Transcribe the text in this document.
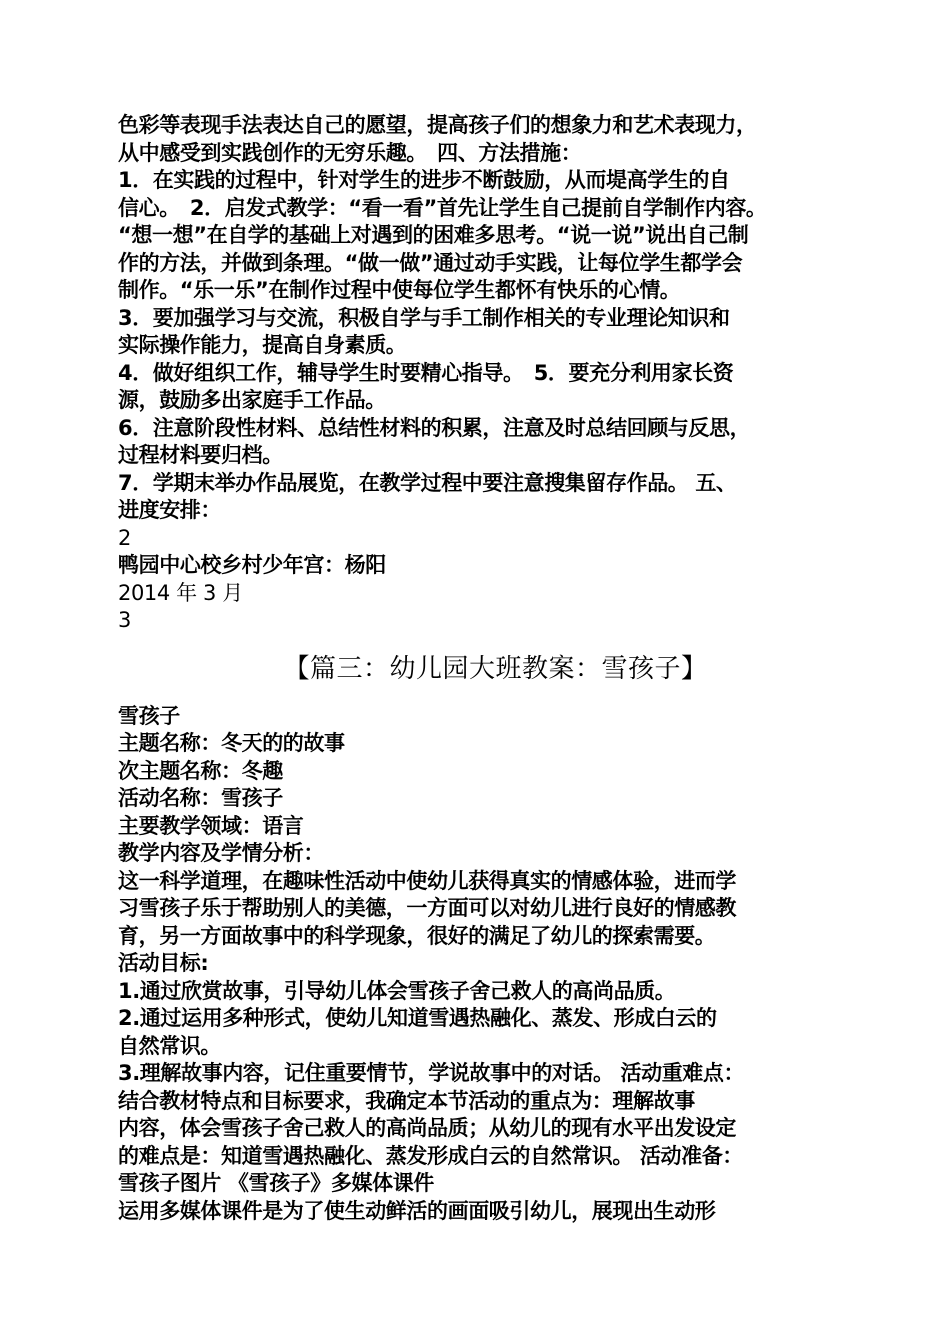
色彩等表现手法表达自己的愿望，提高孩子们的想象力和艺术表现力，
从中感受到实践创作的无穷乐趣。　四、方法措施：
1．在实践的过程中，针对学生的进步不断鼓励，从而堤高学生的自
信心。　2．启发式教学：“看一看”首先让学生自己提前自学制作内容。
“想一想”在自学的基础上对遇到的困难多思考。“说一说”说出自己制
作的方法，并做到条理。“做一做”通过动手实践，让每位学生都学会
制作。“乐一乐”在制作过程中使每位学生都怀有快乐的心情。
3．要加强学习与交流，积极自学与手工制作相关的专业理论知识和
实际操作能力，提高自身素质。
4．做好组织工作，辅导学生时要精心指导。　5．要充分利用家长资
源，鼓励多出家庭手工作品。
6．注意阶段性材料、总结性材料的积累，注意及时总结回顾与反思，
过程材料要归档。
7．学期末举办作品展览，在教学过程中要注意搜集留存作品。 五、
进度安排：
2
鸭园中心校乡村少年宫：杨阳
2014 年 3 月
3
【篇三：幼儿园大班教案：雪孩子】
雪孩子
主题名称：冬天的的故事
次主题名称：冬趣
活动名称：雪孩子
主要教学领域：语言
教学内容及学情分析：
这一科学道理，在趣味性活动中使幼儿获得真实的情感体验，进而学
习雪孩子乐于帮助别人的美德，一方面可以对幼儿进行良好的情感教
育，另一方面故事中的科学现象，很好的满足了幼儿的探索需要。
活动目标:
1.通过欣赏故事，引导幼儿体会雪孩子舍己救人的高尚品质。
2.通过运用多种形式，使幼儿知道雪遇热融化、蒸发、形成白云的
自然常识。
3.理解故事内容，记住重要情节，学说故事中的对话。 活动重难点：
结合教材特点和目标要求，我确定本节活动的重点为：理解故事
内容，体会雪孩子舍己救人的高尚品质；从幼儿的现有水平出发设定
的难点是：知道雪遇热融化、蒸发形成白云的自然常识。 活动准备：
雪孩子图片 《雪孩子》多媒体课件
运用多媒体课件是为了使生动鲜活的画面吸引幼儿，展现出生动形
